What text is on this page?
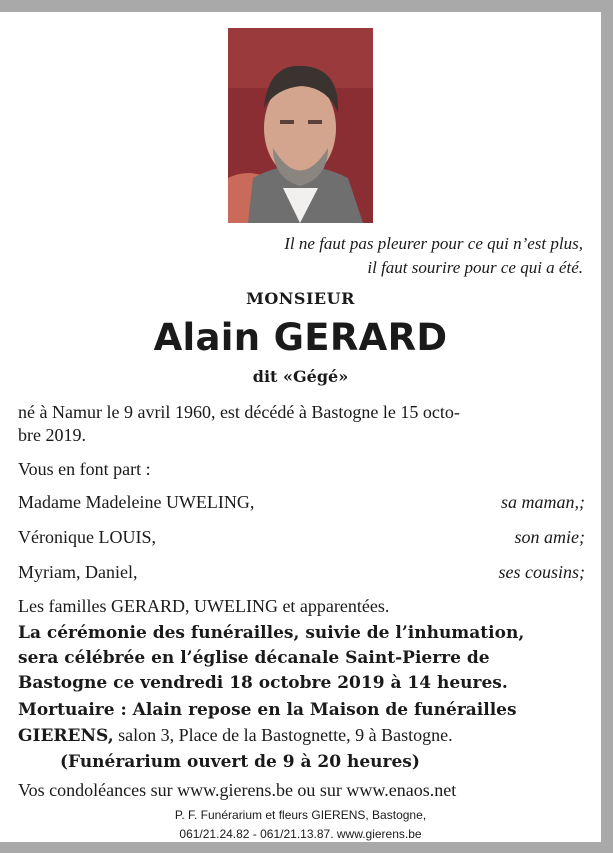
Il ne faut pas pleurer pour ce qui n’est plus,
il faut sourire pour ce qui a été.
MONSIEUR
Alain GERARD
dit «Gégé»
né à Namur le 9 avril 1960, est décédé à Bastogne le 15 octo-
bre 2019.
Vous en font part :
Madame Madeleine UWELING,	sa maman,;
Véronique LOUIS,	son amie;
Myriam, Daniel,	ses cousins;
Les familles GERARD, UWELING et apparentées.
La cérémonie des funérailles, suivie de l’inhumation,
sera célébrée en l’église décanale Saint-Pierre de
Bastogne ce vendredi 18 octobre 2019 à 14 heures.
Mortuaire : Alain repose en la Maison de funérailles
GIERENS, salon 3, Place de la Bastognette, 9 à Bastogne.
(Funérarium ouvert de 9 à 20 heures)
Vos condoléances sur www.gierens.be ou sur www.enaos.net
P. F. Funérarium et fleurs GIERENS, Bastogne,
061/21.24.82 - 061/21.13.87. www.gierens.be
